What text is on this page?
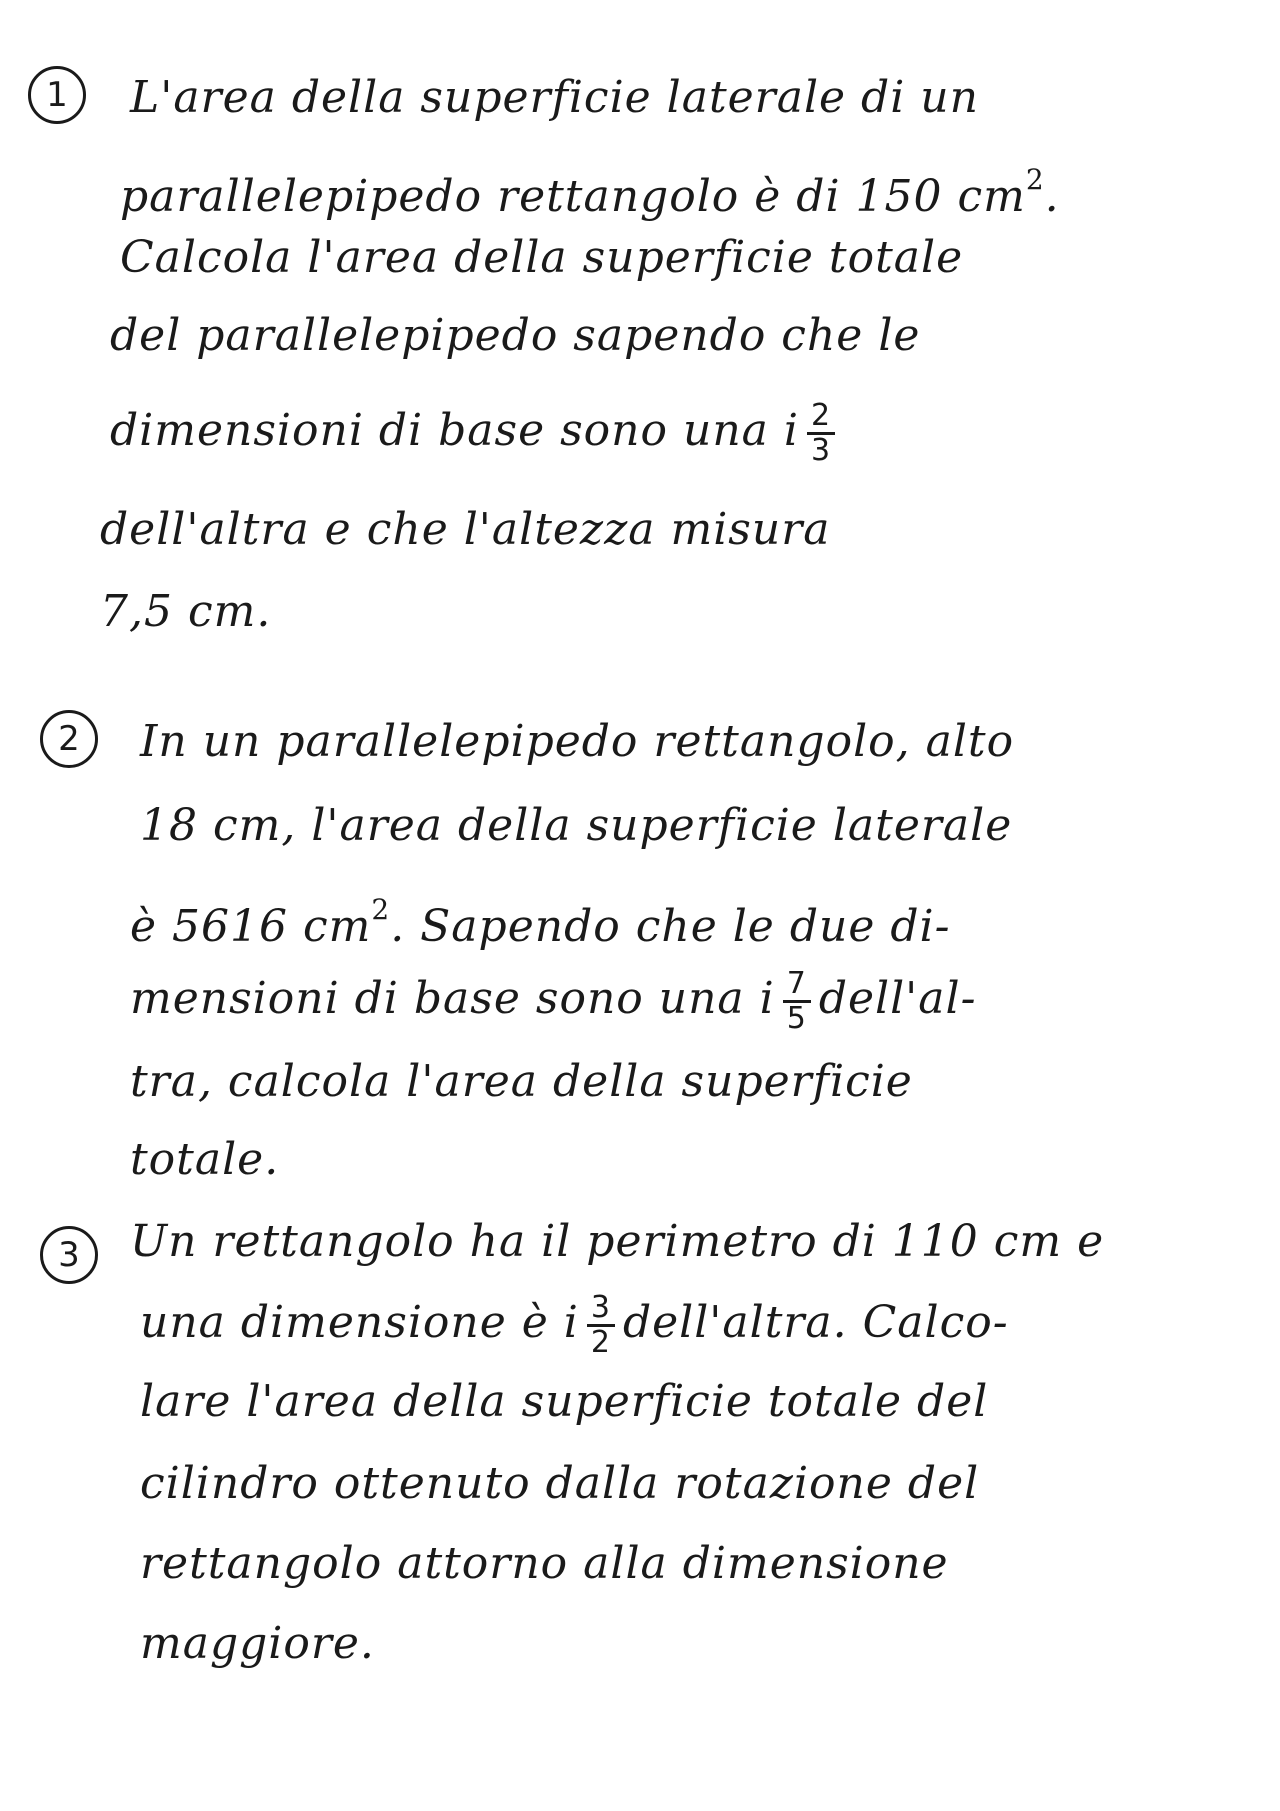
1	L'area della superficie laterale di un
parallelepipedo rettangolo è di 150 $cm^2$.
Calcola l'area della superficie totale
del parallelepipedo sapendo che le
dimensioni di base sono una i $\frac{2}{3}$
dell'altra e che l'altezza misura
7,5 cm.
2	In un parallelepipedo rettangolo, alto
18 cm, l'area della superficie laterale
è 5616 $cm^2$. Sapendo che le due di-
mensioni di base sono una i $\frac{7}{5}$ dell'al-
tra, calcola l'area della superficie
totale.
3	Un rettangolo ha il perimetro di 110 cm e
una dimensione è i $\frac{3}{2}$ dell'altra. Calco-
lare l'area della superficie totale del
cilindro ottenuto dalla rotazione del
rettangolo attorno alla dimensione
maggiore.
